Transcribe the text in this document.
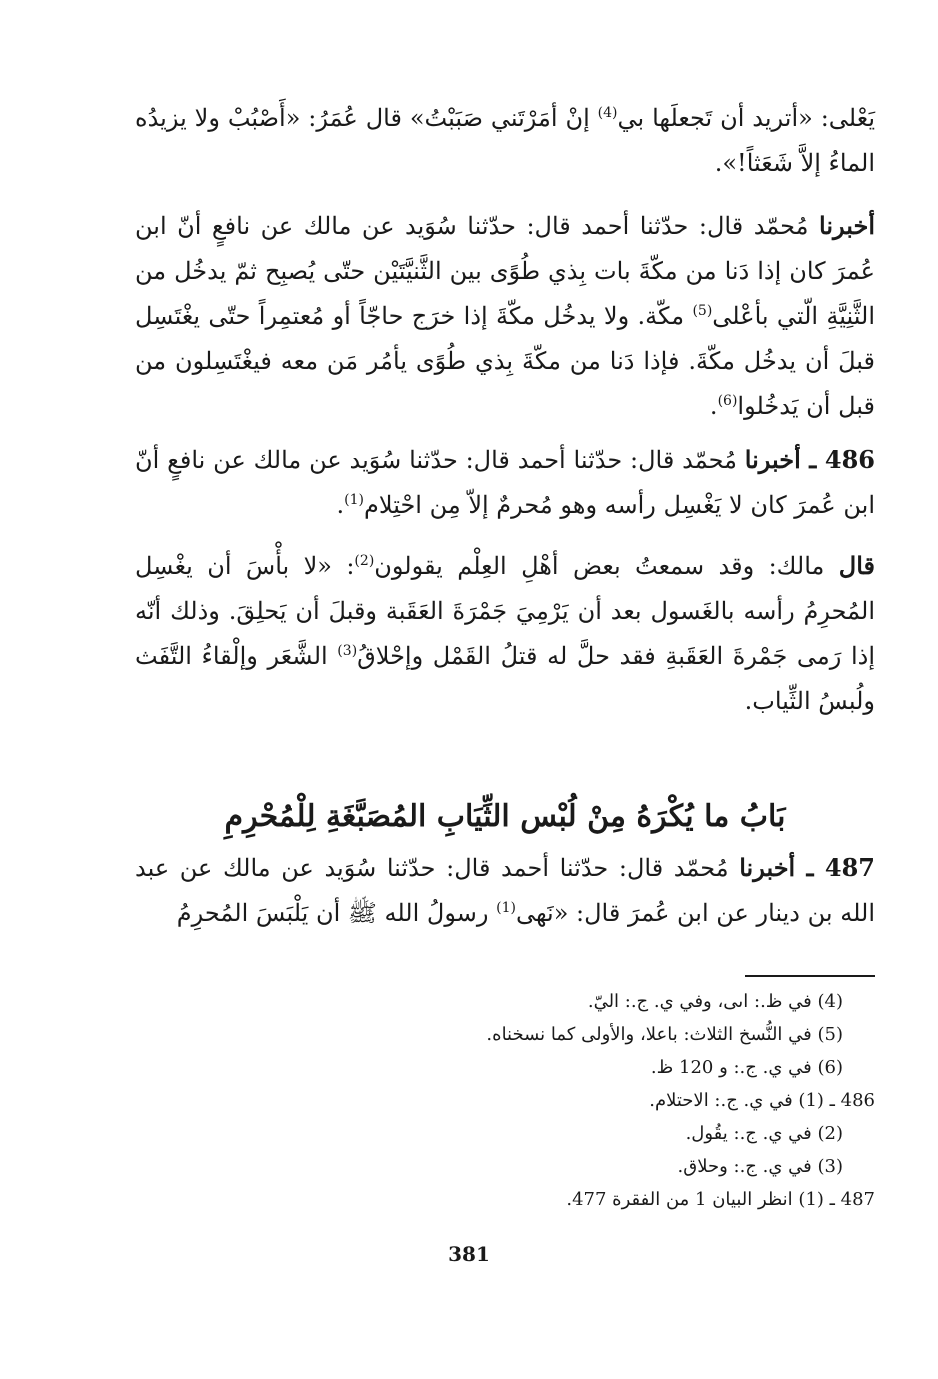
يَعْلى: «أتريد أن تَجعلَها بي$^{(4)}$ إنْ أمَرْتَني صَبَبْتُ» قال عُمَرُ: «أَصْبُبْ ولا يزيدُه الماءُ إلاَّ شَعَثاً!».

أخبرنا مُحمّد قال: حدّثنا أحمد قال: حدّثنا سُوَيد عن مالك عن نافعٍ أنّ ابن عُمرَ كان إذا دَنا من مكّةَ بات بِذي طُوًى بين الثَّنيَّتَيْن حتّى يُصبِح ثمّ يدخُل من الثَّنِيَّةِ الّتي بأعْلى$^{(5)}$ مكّة. ولا يدخُل مكّةَ إذا خرَج حاجّاً أو مُعتمِراً حتّى يغْتَسِل قبلَ أن يدخُل مكّةَ. فإذا دَنا من مكّةَ بِذي طُوًى يأمُر مَن معه فيغْتَسِلون من قبل أن يَدخُلوا$^{(6)}$.

486 ـ أخبرنا مُحمّد قال: حدّثنا أحمد قال: حدّثنا سُوَيد عن مالك عن نافعٍ أنّ ابن عُمرَ كان لا يَغْسِل رأسه وهو مُحرمٌ إلاّ مِن احْتِلام$^{(1)}$.

قال مالك: وقد سمعتُ بعض أهْلِ العِلْم يقولون$^{(2)}$: «لا بأْسَ أن يغْسِل المُحرِمُ رأسه بالغَسول بعد أن يَرْمِيَ جَمْرَةَ العَقَبة وقبلَ أن يَحلِقَ. وذلك أنّه إذا رَمى جَمْرةَ العَقَبةِ فقد حلَّ له قتلُ القَمْل وإحْلاقُ$^{(3)}$ الشَّعَر وإلْقاءُ التَّفَث ولُبسُ الثِّياب.

بَابُ ما يُكْرَهُ مِنْ لُبْس الثِّيَابِ المُصَبَّغَةِ لِلْمُحْرِمِ

487 ـ أخبرنا مُحمّد قال: حدّثنا أحمد قال: حدّثنا سُوَيد عن مالك عن عبد الله بن دينار عن ابن عُمرَ قال: «نَهى$^{(1)}$ رسولُ الله ﷺ أن يَلْبَسَ المُحرِمُ

(4) في ظ.: اىى، وفي ي. ج.: اليّ.

(5) في النُّسخ الثلاث: باعلا، والأولى كما نسخناه.

(6) في ي. ج.: و 120 ظ.

486 ـ (1) في ي. ج.: الاحتلام.

(2) في ي. ج.: يقُول.

(3) في ي. ج.: وحلاق.

487 ـ (1) انظر البيان 1 من الفقرة 477.

381
